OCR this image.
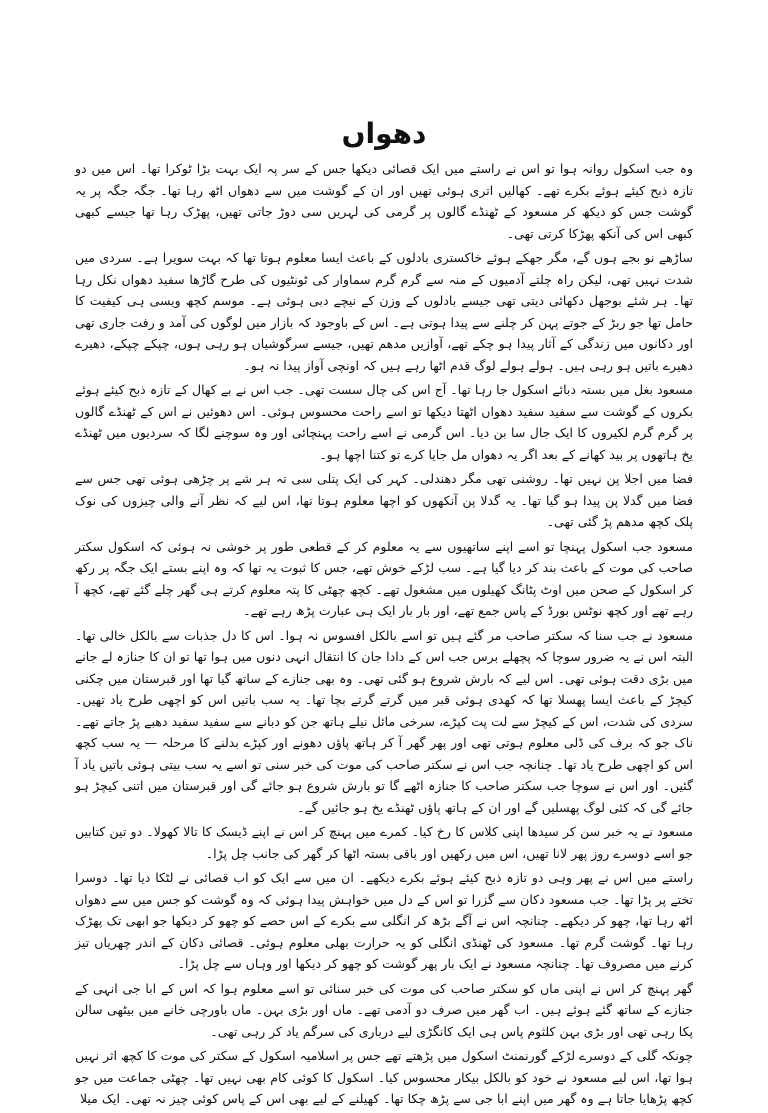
دھواں

وہ جب اسکول روانہ ہوا تو اس نے راستے میں ایک قصائی دیکھا جس کے سر پہ ایک بہت بڑا ٹوکرا تھا۔ اس میں دو تازہ ذبح کیئے ہوئے بکرے تھے۔ کھالیں اتری ہوئی تھیں اور ان کے گوشت میں سے دھواں اٹھ رہا تھا۔ جگہ جگہ پر یہ گوشت جس کو دیکھ کر مسعود کے ٹھنڈے گالوں پر گرمی کی لہریں سی دوڑ جاتی تھیں، پھڑک رہا تھا جیسے کبھی کبھی اس کی آنکھ پھڑکا کرتی تھی۔

ساڑھے نو بجے ہوں گے، مگر جھکے ہوئے خاکستری بادلوں کے باعث ایسا معلوم ہوتا تھا کہ بہت سویرا ہے۔ سردی میں شدت نہیں تھی، لیکن راہ چلتے آدمیوں کے منہ سے گرم گرم سماوار کی ٹونٹیوں کی طرح گاڑھا سفید دھواں نکل رہا تھا۔ ہر شئے بوجھل دکھائی دیتی تھی جیسے بادلوں کے وزن کے نیچے دبی ہوئی ہے۔ موسم کچھ ویسی ہی کیفیت کا حامل تھا جو ربڑ کے جوتے پہن کر چلنے سے پیدا ہوتی ہے۔ اس کے باوجود کہ بازار میں لوگوں کی آمد و رفت جاری تھی اور دکانوں میں زندگی کے آثار پیدا ہو چکے تھے، آوازیں مدھم تھیں، جیسے سرگوشیاں ہو رہی ہوں، چپکے چپکے، دھیرے دھیرے باتیں ہو رہی ہیں۔ ہولے ہولے لوگ قدم اٹھا رہے ہیں کہ اونچی آواز پیدا نہ ہو۔

مسعود بغل میں بستہ دبائے اسکول جا رہا تھا۔ آج اس کی چال سست تھی۔ جب اس نے بے کھال کے تازہ ذبح کیئے ہوئے بکروں کے گوشت سے سفید سفید دھواں اٹھتا دیکھا تو اسے راحت محسوس ہوئی۔ اس دھوئیں نے اس کے ٹھنڈے گالوں پر گرم گرم لکیروں کا ایک جال سا بن دیا۔ اس گرمی نے اسے راحت پہنچائی اور وہ سوچنے لگا کہ سردیوں میں ٹھنڈے یخ ہاتھوں پر بید کھانے کے بعد اگر یہ دھواں مل جایا کرے تو کتنا اچھا ہو۔

فضا میں اجلا پن نہیں تھا۔ روشنی تھی مگر دھندلی۔ کہر کی ایک پتلی سی تہ ہر شے پر چڑھی ہوئی تھی جس سے فضا میں گدلا پن پیدا ہو گیا تھا۔ یہ گدلا پن آنکھوں کو اچھا معلوم ہوتا تھا، اس لیے کہ نظر آنے والی چیزوں کی نوک پلک کچھ مدھم پڑ گئی تھی۔

مسعود جب اسکول پہنچا تو اسے اپنے ساتھیوں سے یہ معلوم کر کے قطعی طور پر خوشی نہ ہوئی کہ اسکول سکتر صاحب کی موت کے باعث بند کر دیا گیا ہے۔ سب لڑکے خوش تھے، جس کا ثبوت یہ تھا کہ وہ اپنے بستے ایک جگہ پر رکھ کر اسکول کے صحن میں اوٹ پٹانگ کھیلوں میں مشغول تھے۔ کچھ چھٹی کا پتہ معلوم کرتے ہی گھر چلے گئے تھے، کچھ آ رہے تھے اور کچھ نوٹس بورڈ کے پاس جمع تھے، اور بار بار ایک ہی عبارت پڑھ رہے تھے۔

مسعود نے جب سنا کہ سکتر صاحب مر گئے ہیں تو اسے بالکل افسوس نہ ہوا۔ اس کا دل جذبات سے بالکل خالی تھا۔ البتہ اس نے یہ ضرور سوچا کہ پچھلے برس جب اس کے دادا جان کا انتقال انہی دنوں میں ہوا تھا تو ان کا جنازہ لے جانے میں بڑی دقت ہوئی تھی۔ اس لیے کہ بارش شروع ہو گئی تھی۔ وہ بھی جنازے کے ساتھ گیا تھا اور قبرستان میں چکنی کیچڑ کے باعث ایسا پھسلا تھا کہ کھدی ہوئی قبر میں گرتے گرتے بچا تھا۔ یہ سب باتیں اس کو اچھی طرح یاد تھیں۔ سردی کی شدت، اس کے کیچڑ سے لت پت کپڑے، سرخی مائل نیلے ہاتھ جن کو دبانے سے سفید سفید دھبے پڑ جاتے تھے۔ ناک جو کہ برف کی ڈلی معلوم ہوتی تھی اور پھر گھر آ کر ہاتھ پاؤں دھونے اور کپڑے بدلنے کا مرحلہ — یہ سب کچھ اس کو اچھی طرح یاد تھا۔ چنانچہ جب اس نے سکتر صاحب کی موت کی خبر سنی تو اسے یہ سب بیتی ہوئی باتیں یاد آ گئیں۔ اور اس نے سوچا جب سکتر صاحب کا جنازہ اٹھے گا تو بارش شروع ہو جائے گی اور قبرستان میں اتنی کیچڑ ہو جائے گی کہ کئی لوگ پھسلیں گے اور ان کے ہاتھ پاؤں ٹھنڈے یخ ہو جائیں گے۔

مسعود نے یہ خبر سن کر سیدھا اپنی کلاس کا رخ کیا۔ کمرے میں پہنچ کر اس نے اپنے ڈیسک کا تالا کھولا۔ دو تین کتابیں جو اسے دوسرے روز پھر لانا تھیں، اس میں رکھیں اور باقی بستہ اٹھا کر گھر کی جانب چل پڑا۔

راستے میں اس نے پھر وہی دو تازہ ذبح کیئے ہوئے بکرے دیکھے۔ ان میں سے ایک کو اب قصائی نے لٹکا دیا تھا۔ دوسرا تختے پر پڑا تھا۔ جب مسعود دکان سے گزرا تو اس کے دل میں خواہش پیدا ہوئی کہ وہ گوشت کو جس میں سے دھواں اٹھ رہا تھا، چھو کر دیکھے۔ چنانچہ اس نے آگے بڑھ کر انگلی سے بکرے کے اس حصے کو چھو کر دیکھا جو ابھی تک پھڑک رہا تھا۔ گوشت گرم تھا۔ مسعود کی ٹھنڈی انگلی کو یہ حرارت بھلی معلوم ہوئی۔ قصائی دکان کے اندر چھریاں تیز کرنے میں مصروف تھا۔ چنانچہ مسعود نے ایک بار پھر گوشت کو چھو کر دیکھا اور وہاں سے چل پڑا۔

گھر پہنچ کر اس نے اپنی ماں کو سکتر صاحب کی موت کی خبر سنائی تو اسے معلوم ہوا کہ اس کے ابا جی انہی کے جنازے کے ساتھ گئے ہوئے ہیں۔ اب گھر میں صرف دو آدمی تھے۔ ماں اور بڑی بہن۔ ماں باورچی خانے میں بیٹھی سالن پکا رہی تھی اور بڑی بہن کلثوم پاس ہی ایک کانگڑی لیے درباری کی سرگم یاد کر رہی تھی۔

چونکہ گلی کے دوسرے لڑکے گورنمنٹ اسکول میں پڑھتے تھے جس پر اسلامیہ اسکول کے سکتر کی موت کا کچھ اثر نہیں ہوا تھا، اس لیے مسعود نے خود کو بالکل بیکار محسوس کیا۔ اسکول کا کوئی کام بھی نہیں تھا۔ چھٹی جماعت میں جو کچھ پڑھایا جاتا ہے وہ گھر میں اپنے ابا جی سے پڑھ چکا تھا۔ کھیلنے کے لیے بھی اس کے پاس کوئی چیز نہ تھی۔ ایک میلا
